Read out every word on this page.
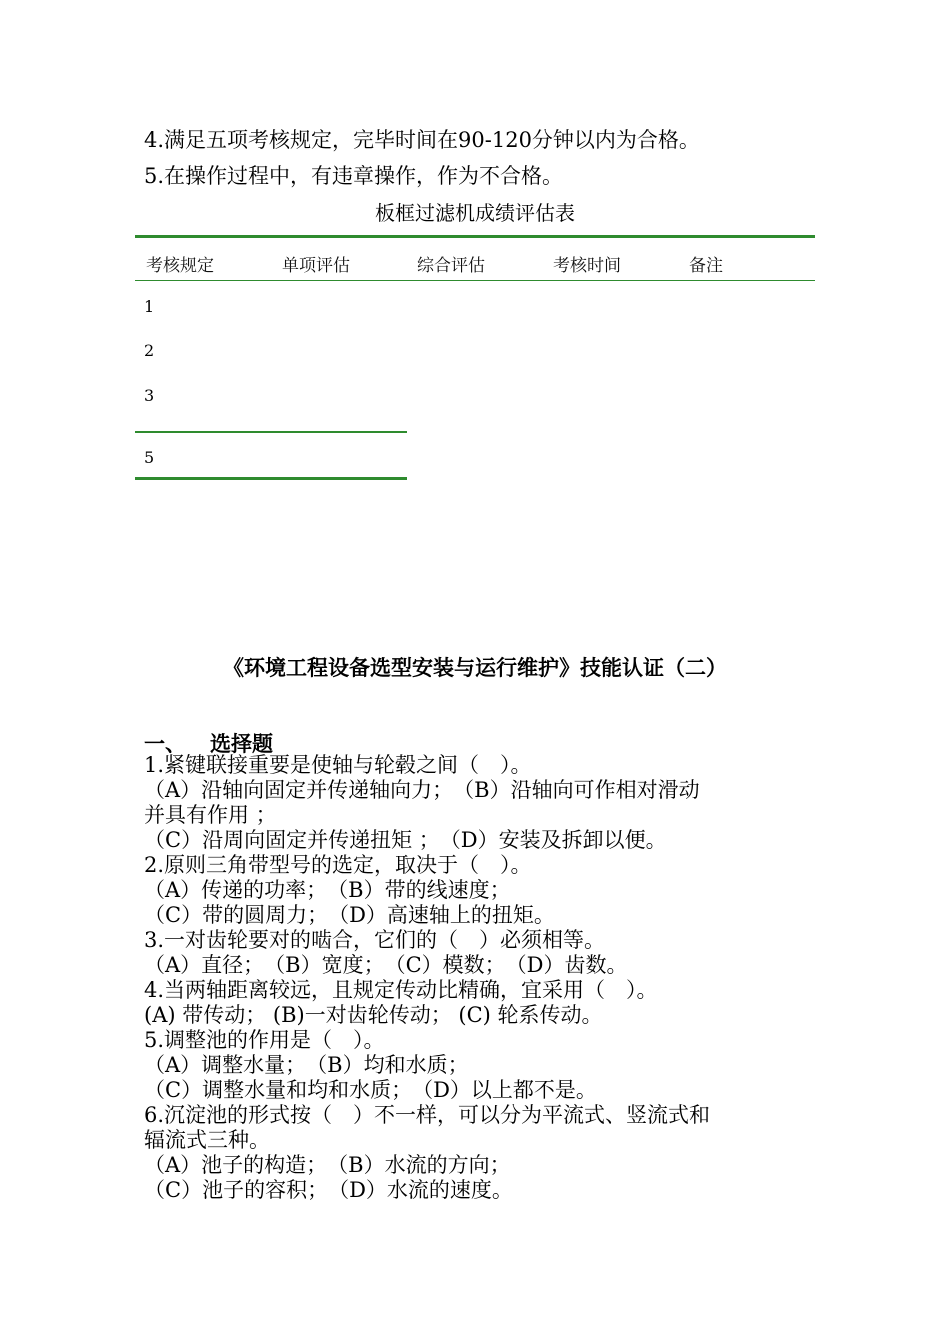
4.满足五项考核规定，完毕时间在90-120分钟以内为合格。
5.在操作过程中，有违章操作，作为不合格。
板框过滤机成绩评估表
考核规定	单项评估	综合评估	考核时间	备注
1
2
3
5
《环境工程设备选型安装与运行维护》技能认证（二）
一、 选择题
1.紧键联接重要是使轴与轮毂之间（　）。
（A）沿轴向固定并传递轴向力；　（B）沿轴向可作相对滑动
并具有作用 ；
（C）沿周向固定并传递扭矩 ；　（D）安装及拆卸以便。
2.原则三角带型号的选定，取决于（　）。
（A）传递的功率；　（B）带的线速度；
（C）带的圆周力；　（D）高速轴上的扭矩。
3.一对齿轮要对的啮合，它们的（　）必须相等。
（A）直径；　（B）宽度；　（C）模数；　（D）齿数。
4.当两轴距离较远，且规定传动比精确，宜采用（　）。
(A) 带传动； (B)一对齿轮传动； (C) 轮系传动。
5.调整池的作用是（　）。
（A）调整水量；　（B）均和水质；
（C）调整水量和均和水质；　（D）以上都不是。
6.沉淀池的形式按（　）不一样，可以分为平流式、竖流式和
辐流式三种。
（A）池子的构造；　（B）水流的方向；
（C）池子的容积；　（D）水流的速度。
